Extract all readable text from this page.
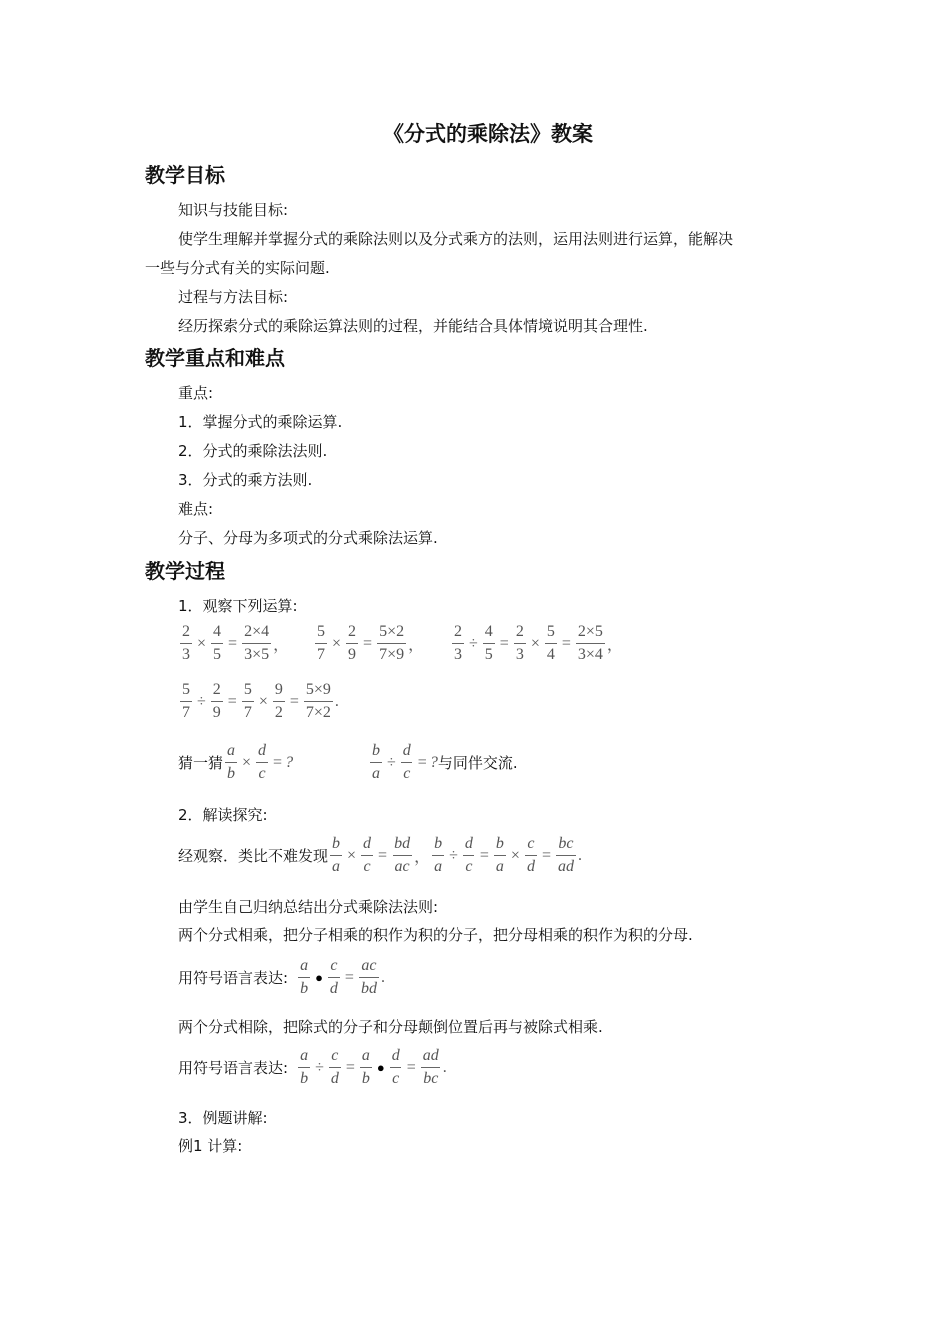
《分式的乘除法》教案
教学目标
知识与技能目标:
使学生理解并掌握分式的乘除法则以及分式乘方的法则，运用法则进行运算，能解决
一些与分式有关的实际问题.
过程与方法目标:
经历探索分式的乘除运算法则的过程，并能结合具体情境说明其合理性.
教学重点和难点
重点:
1．掌握分式的乘除运算.
2．分式的乘除法法则.
3．分式的乘方法则.
难点:
分子、分母为多项式的分式乘除法运算.
教学过程
1．观察下列运算:
$\frac{2}{3} \times \frac{4}{5} = \frac{2\times 4}{3\times 5}$ ， $\frac{5}{7} \times \frac{2}{9} = \frac{5\times 2}{7\times 9}$ ， $\frac{2}{3} \div \frac{4}{5} = \frac{2}{3} \times \frac{5}{4} = \frac{2\times 5}{3\times 4}$ ，
$\frac{5}{7} \div \frac{2}{9} = \frac{5}{7} \times \frac{9}{2} = \frac{5\times 9}{7\times 2}$ .
猜一猜 $\frac{a}{b} \times \frac{d}{c}$ = ?	$\frac{b}{a} \div \frac{d}{c}$ = ? 与同伴交流.
2．解读探究:
经观察．类比不难发现 $\frac{b}{a} \times \frac{d}{c} = \frac{bd}{ac}$ ， $\frac{b}{a} \div \frac{d}{c} = \frac{b}{a} \times \frac{c}{d} = \frac{bc}{ad}$ .
由学生自己归纳总结出分式乘除法法则:
两个分式相乘，把分子相乘的积作为积的分子，把分母相乘的积作为积的分母.
用符号语言表达: $\frac{a}{b}$ ● $\frac{c}{d} = \frac{ac}{bd}$ .
两个分式相除，把除式的分子和分母颠倒位置后再与被除式相乘.
用符号语言表达: $\frac{a}{b} \div \frac{c}{d} = \frac{a}{b}$ ● $\frac{d}{c} = \frac{ad}{bc}$ .
3．例题讲解:
例1 计算:
